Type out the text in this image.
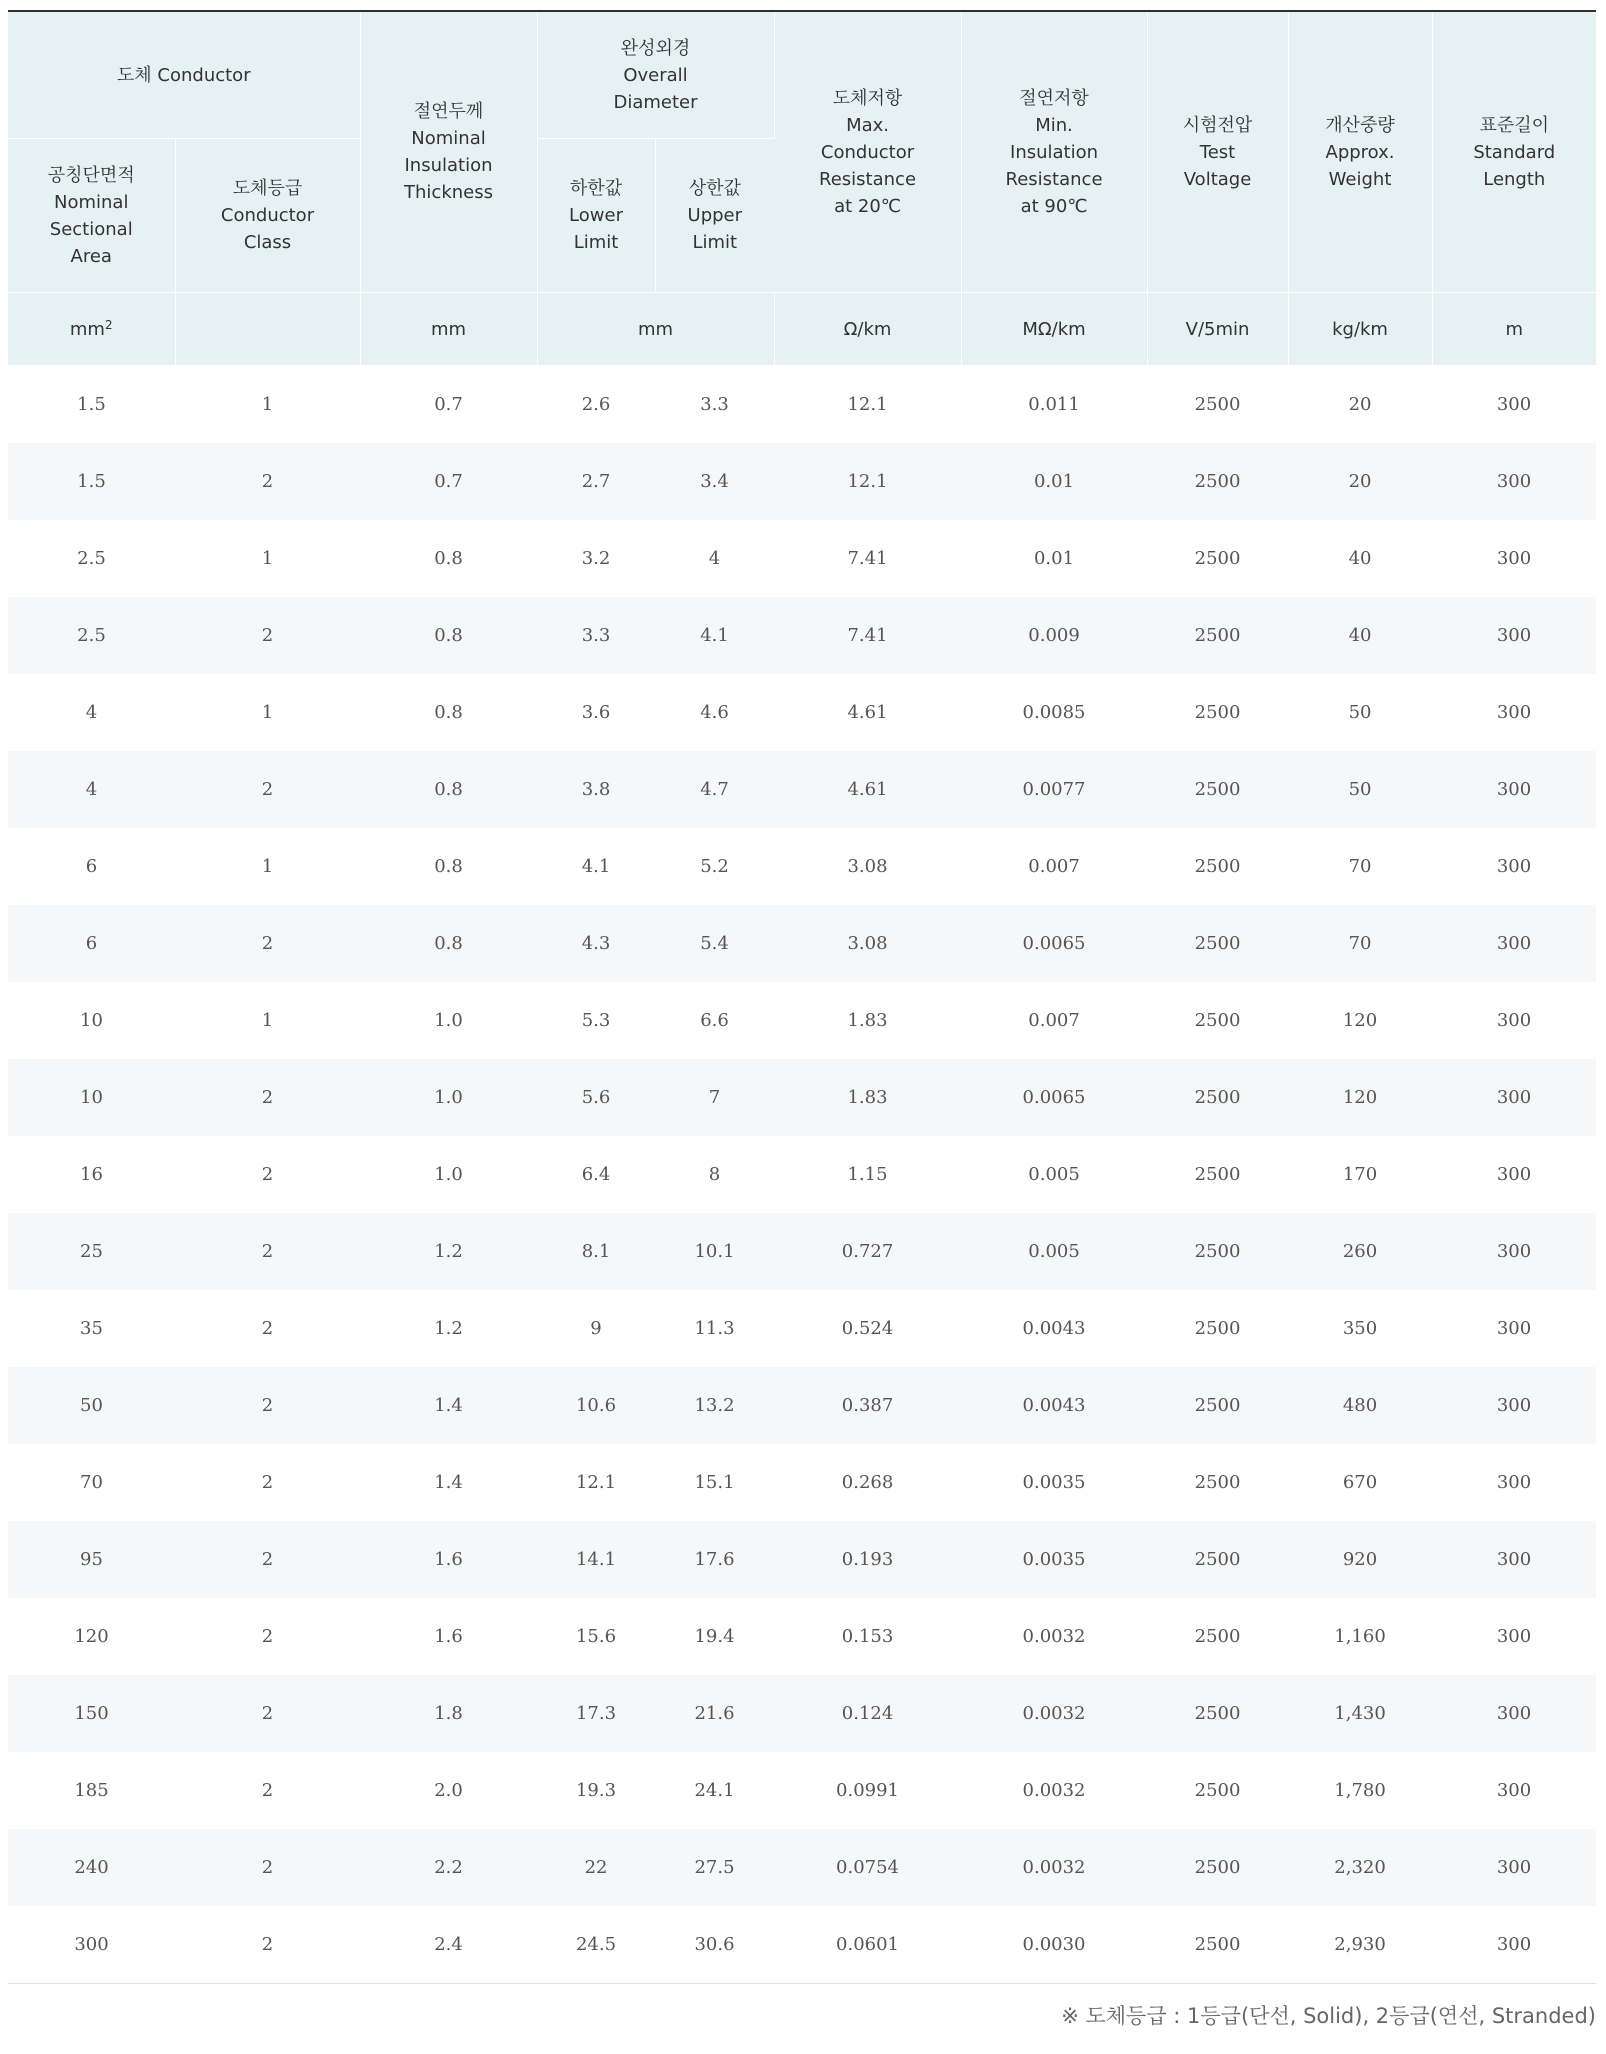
도체 Conductor		절연두께
Nominal
Insulation
Thickness	완성외경
Overall
Diameter		도체저항
Max.
Conductor
Resistance
at 20℃	절연저항
Min.
Insulation
Resistance
at 90℃	시험전압
Test
Voltage	개산중량
Approx.
Weight	표준길이
Standard
Length

공칭단면적
Nominal
Sectional
Area	도체등급
Conductor
Class		하한값
Lower
Limit	상한값
Upper
Limit					

$mm^2$		mm	mm		Ω/km	MΩ/km	V/5min	kg/km	m
1.5	1	0.7	2.6	3.3	12.1	0.011	2500	20	300
1.5	2	0.7	2.7	3.4	12.1	0.01	2500	20	300
2.5	1	0.8	3.2	4	7.41	0.01	2500	40	300
2.5	2	0.8	3.3	4.1	7.41	0.009	2500	40	300
4	1	0.8	3.6	4.6	4.61	0.0085	2500	50	300
4	2	0.8	3.8	4.7	4.61	0.0077	2500	50	300
6	1	0.8	4.1	5.2	3.08	0.007	2500	70	300
6	2	0.8	4.3	5.4	3.08	0.0065	2500	70	300
10	1	1.0	5.3	6.6	1.83	0.007	2500	120	300
10	2	1.0	5.6	7	1.83	0.0065	2500	120	300
16	2	1.0	6.4	8	1.15	0.005	2500	170	300
25	2	1.2	8.1	10.1	0.727	0.005	2500	260	300
35	2	1.2	9	11.3	0.524	0.0043	2500	350	300
50	2	1.4	10.6	13.2	0.387	0.0043	2500	480	300
70	2	1.4	12.1	15.1	0.268	0.0035	2500	670	300
95	2	1.6	14.1	17.6	0.193	0.0035	2500	920	300
120	2	1.6	15.6	19.4	0.153	0.0032	2500	1,160	300
150	2	1.8	17.3	21.6	0.124	0.0032	2500	1,430	300
185	2	2.0	19.3	24.1	0.0991	0.0032	2500	1,780	300
240	2	2.2	22	27.5	0.0754	0.0032	2500	2,320	300
300	2	2.4	24.5	30.6	0.0601	0.0030	2500	2,930	300
※ 도체등급 : 1등급(단선, Solid), 2등급(연선, Stranded)
